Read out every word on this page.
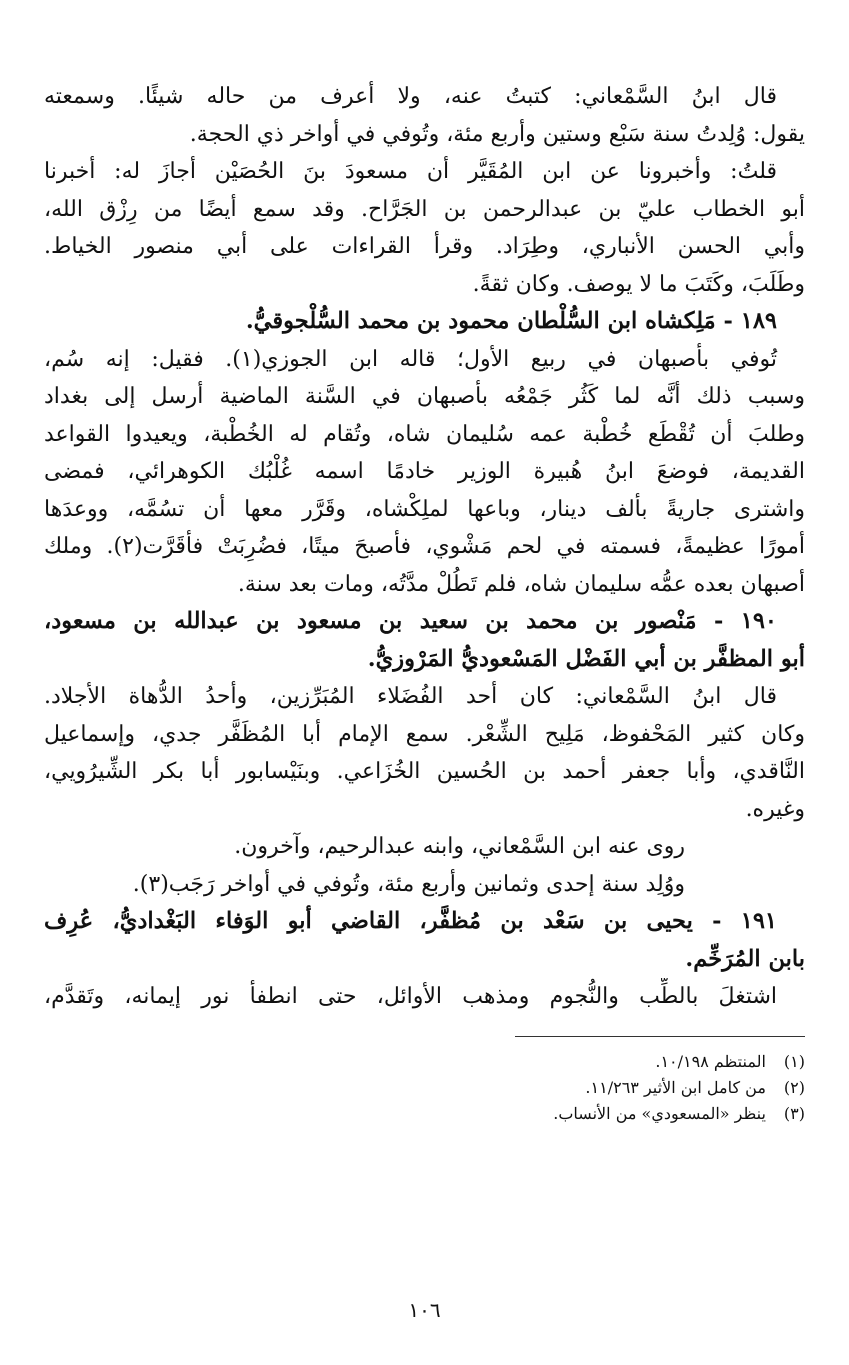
قال ابنُ السَّمْعاني: كتبتُ عنه، ولا أعرف من حاله شيئًا. وسمعته
يقول: وُلِدتُ سنة سَبْع وستين وأربع مئة، وتُوفي في أواخر ذي الحجة.
قلتُ: وأخبرونا عن ابن المُقَيَّر أن مسعودَ بنَ الحُصَيْن أجازَ له: أخبرنا
أبو الخطاب عليّ بن عبدالرحمن بن الجَرَّاح. وقد سمع أيضًا من رِزْق الله،
وأبي الحسن الأنباري، وطِرَاد. وقرأ القراءات على أبي منصور الخياط.
وطَلَبَ، وكَتَبَ ما لا يوصف. وكان ثقةً.
١٨٩ - مَلِكشاه ابن السُّلْطان محمود بن محمد السُّلْجوقيُّ.
تُوفي بأصبهان في ربيع الأول؛ قاله ابن الجوزي(١). فقيل: إنه سُم،
وسبب ذلك أنَّه لما كَثُر جَمْعُه بأصبهان في السَّنة الماضية أرسل إلى بغداد
وطلبَ أن تُقْطَع خُطْبة عمه سُليمان شاه، وتُقام له الخُطْبة، ويعيدوا القواعد
القديمة، فوضعَ ابنُ هُبيرة الوزير خادمًا اسمه غُلْبُك الكوهرائي، فمضى
واشترى جاريةً بألف دينار، وباعها لملِكْشاه، وقَرَّر معها أن تسُمَّه، ووعدَها
أمورًا عظيمةً، فسمته في لحم مَشْوي، فأصبحَ ميتًا، فضُرِبَتْ فأقَرَّت(٢). وملك
أصبهان بعده عمُّه سليمان شاه، فلم تَطُلْ مدَّتُه، ومات بعد سنة.
١٩٠ - مَنْصور بن محمد بن سعيد بن مسعود بن عبدالله بن مسعود،
أبو المظفَّر بن أبي الفَضْل المَسْعوديُّ المَرْوزيُّ.
قال ابنُ السَّمْعاني: كان أحد الفُضَلاء المُبَرِّزين، وأحدُ الدُّهاة الأجلاد.
وكان كثير المَحْفوظ، مَلِيح الشِّعْر. سمع الإمام أبا المُظَفَّر جدي، وإسماعيل
النَّاقدي، وأبا جعفر أحمد بن الحُسين الخُزَاعي. وبنَيْسابور أبا بكر الشِّيرُويي،
وغيره.
روى عنه ابن السَّمْعاني، وابنه عبدالرحيم، وآخرون.
ووُلِد سنة إحدى وثمانين وأربع مئة، وتُوفي في أواخر رَجَب(٣).
١٩١ - يحيى بن سَعْد بن مُظفَّر، القاضي أبو الوَفاء البَغْداديُّ، عُرِف
بابن المُرَخِّم.
اشتغلَ بالطِّب والنُّجوم ومذهب الأوائل، حتى انطفأ نور إيمانه، وتَقدَّم،
(١) المنتظم ١٠/١٩٨.
(٢) من كامل ابن الأثير ١١/٢٦٣.
(٣) ينظر «المسعودي» من الأنساب.
١٠٦
